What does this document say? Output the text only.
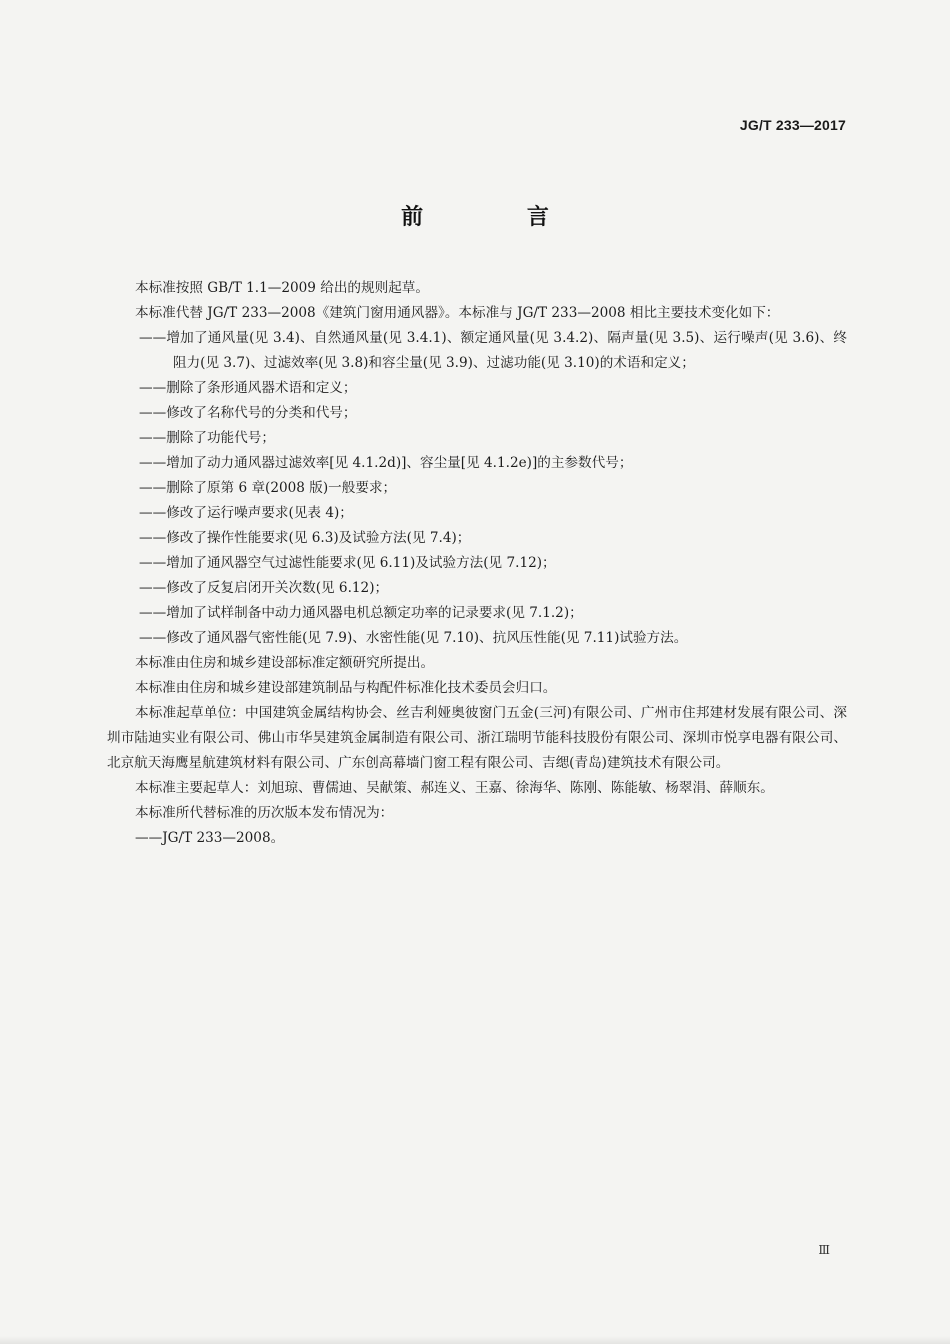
JG/T 233—2017
前 言

本标准按照 GB/T 1.1—2009 给出的规则起草。

本标准代替 JG/T 233—2008《建筑门窗用通风器》。本标准与 JG/T 233—2008 相比主要技术变化如下：

——增加了通风量(见 3.4)、自然通风量(见 3.4.1)、额定通风量(见 3.4.2)、隔声量(见 3.5)、运行噪声(见 3.6)、终阻力(见 3.7)、过滤效率(见 3.8)和容尘量(见 3.9)、过滤功能(见 3.10)的术语和定义；

——删除了条形通风器术语和定义；

——修改了名称代号的分类和代号；

——删除了功能代号；

——增加了动力通风器过滤效率[见 4.1.2d)]、容尘量[见 4.1.2e)]的主参数代号；

——删除了原第 6 章(2008 版)一般要求；

——修改了运行噪声要求(见表 4)；

——修改了操作性能要求(见 6.3)及试验方法(见 7.4)；

——增加了通风器空气过滤性能要求(见 6.11)及试验方法(见 7.12)；

——修改了反复启闭开关次数(见 6.12)；

——增加了试样制备中动力通风器电机总额定功率的记录要求(见 7.1.2)；

——修改了通风器气密性能(见 7.9)、水密性能(见 7.10)、抗风压性能(见 7.11)试验方法。

本标准由住房和城乡建设部标准定额研究所提出。

本标准由住房和城乡建设部建筑制品与构配件标准化技术委员会归口。

本标准起草单位：中国建筑金属结构协会、丝吉利娅奥彼窗门五金(三河)有限公司、广州市住邦建材发展有限公司、深圳市陆迪实业有限公司、佛山市华昊建筑金属制造有限公司、浙江瑞明节能科技股份有限公司、深圳市悦享电器有限公司、北京航天海鹰星航建筑材料有限公司、广东创高幕墙门窗工程有限公司、吉缌(青岛)建筑技术有限公司。

本标准主要起草人：刘旭琼、曹儒迪、吴献策、郝连义、王嘉、徐海华、陈刚、陈能敏、杨翠涓、薛顺东。

本标准所代替标准的历次版本发布情况为：

——JG/T 233—2008。

Ⅲ
